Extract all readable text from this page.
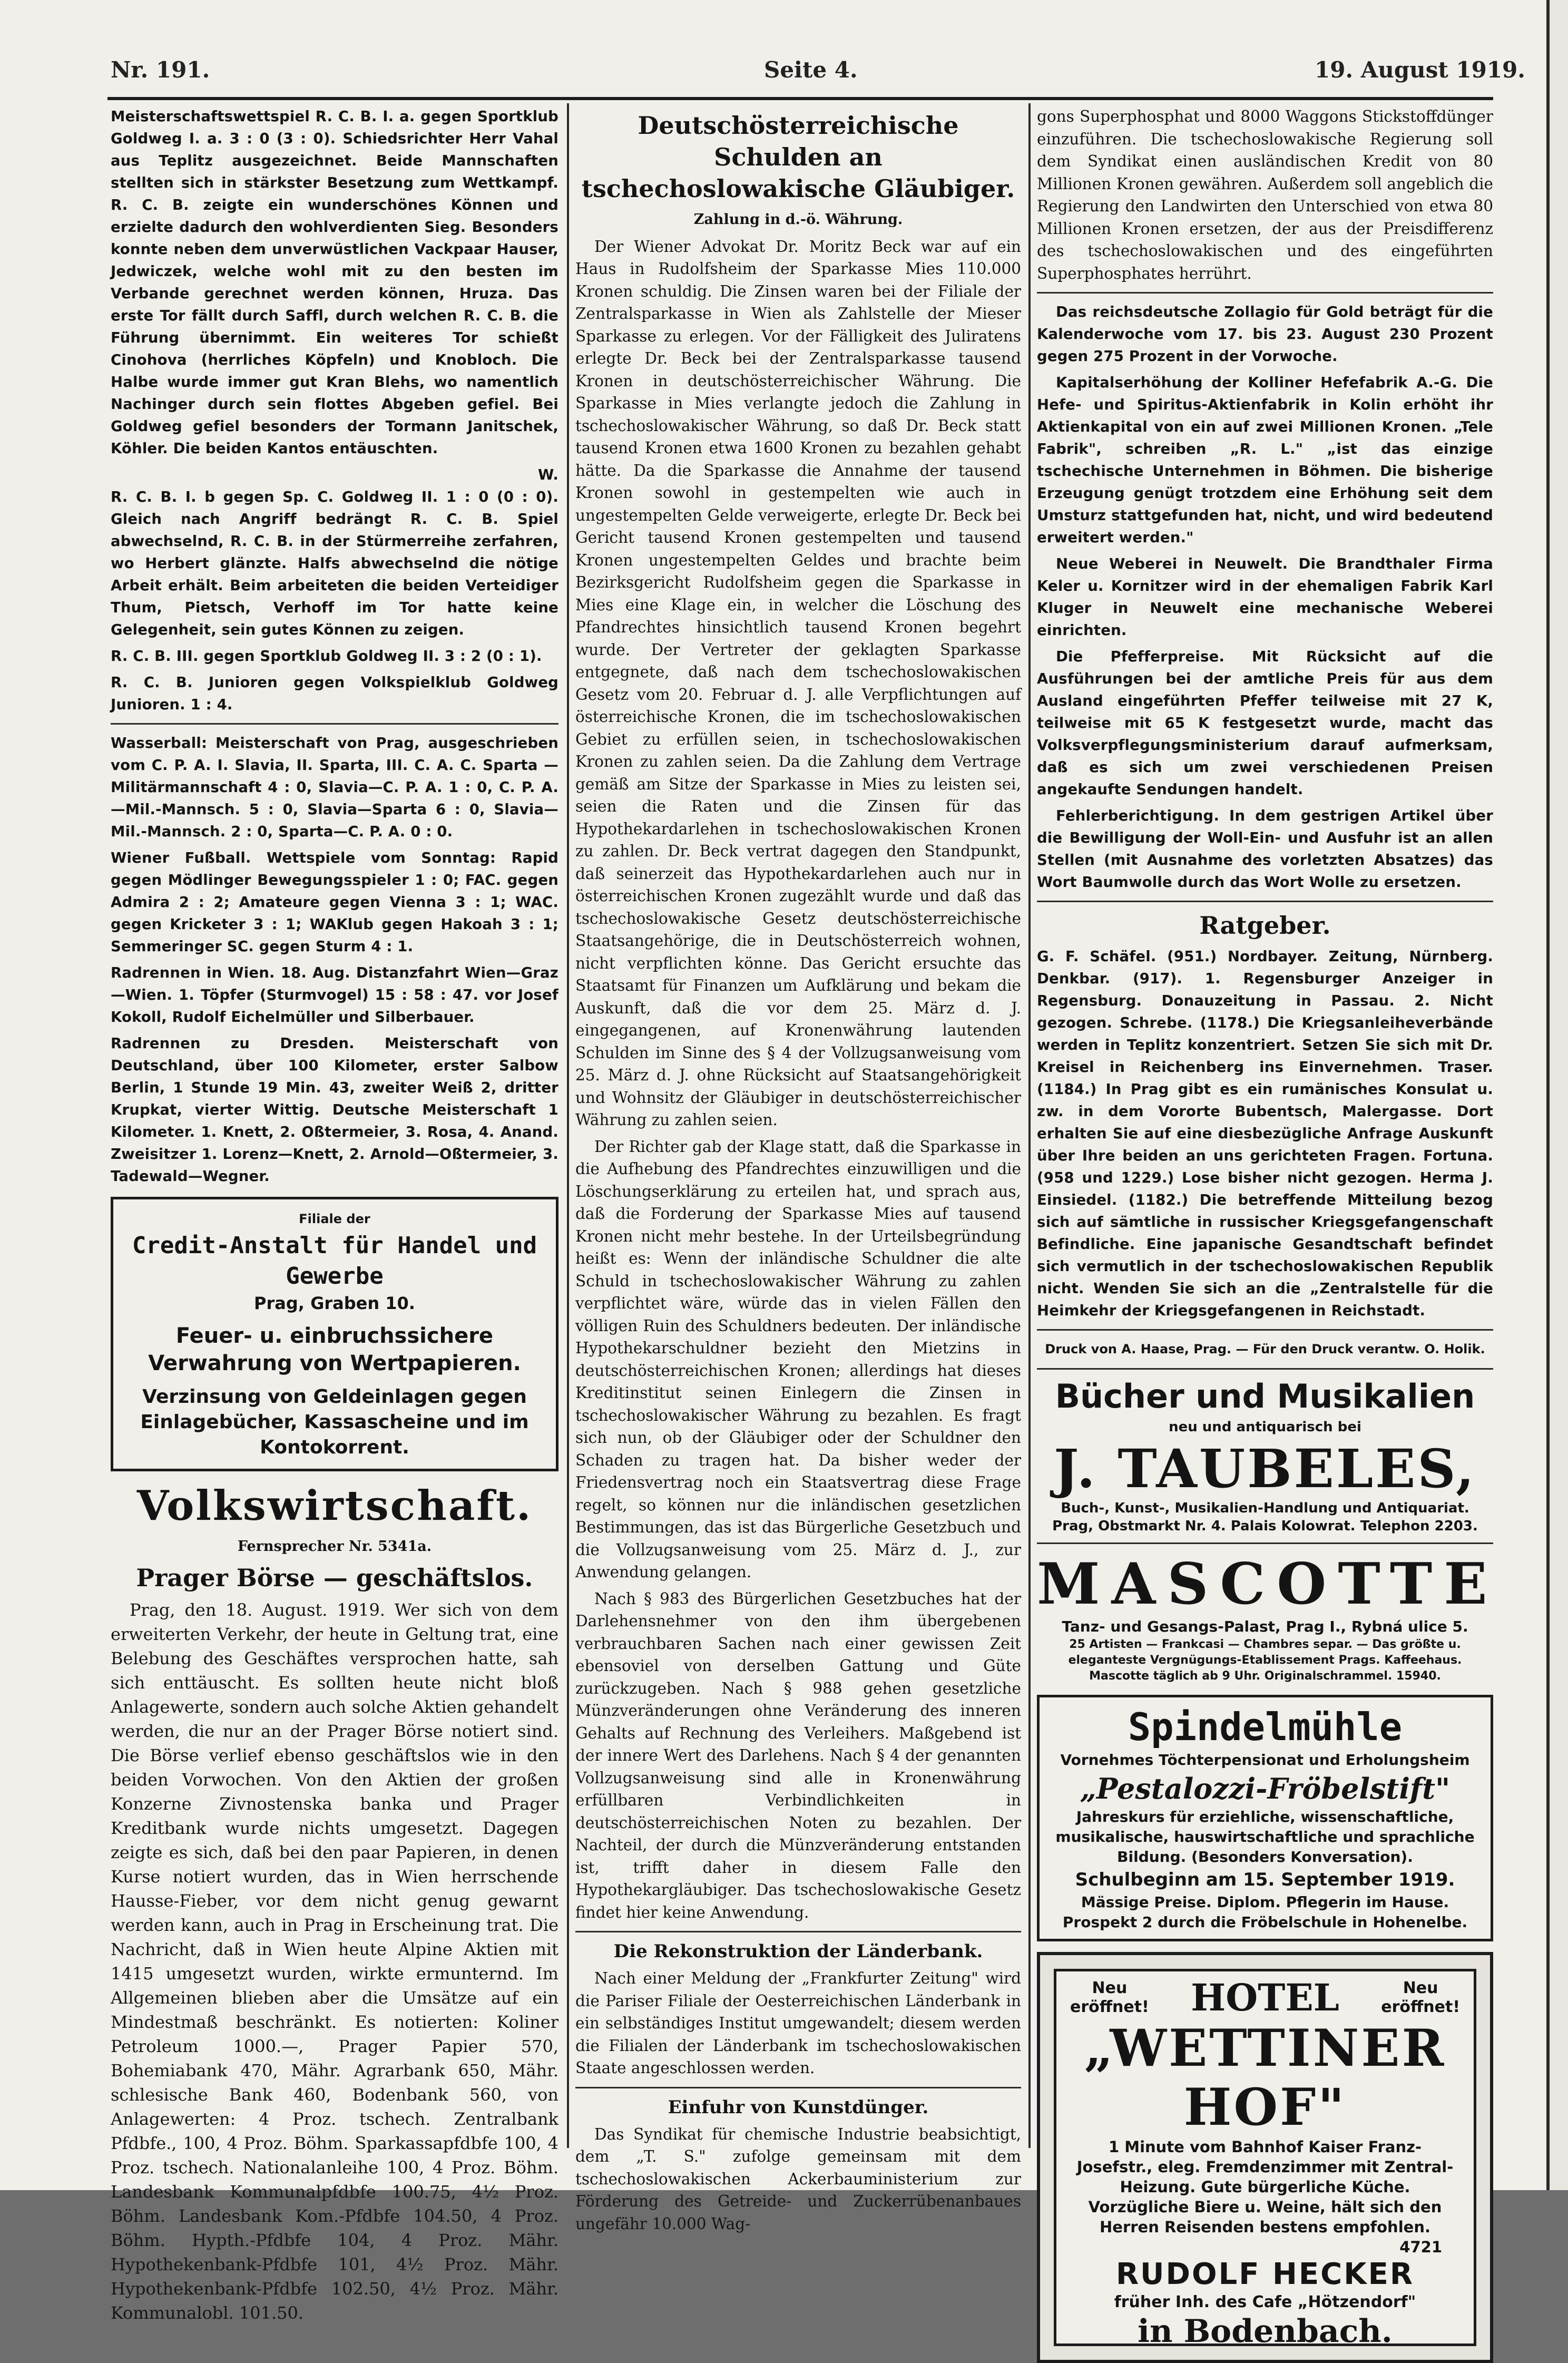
Nr. 191.	Seite 4.	19. August 1919.

Meisterschaftswettspiel R. C. B. I. a. gegen Sportklub Goldweg I. a. 3 : 0 (3 : 0). Schiedsrichter Herr Vahal aus Teplitz ausgezeichnet. Beide Mannschaften stellten sich in stärkster Besetzung zum Wettkampf. R. C. B. zeigte ein wunderschönes Können und erzielte dadurch den wohlverdienten Sieg. Besonders konnte neben dem unverwüstlichen Vackpaar Hauser, Jedwiczek, welche wohl mit zu den besten im Verbande gerechnet werden können, Hruza. Das erste Tor fällt durch Saffl, durch welchen R. C. B. die Führung übernimmt. Ein weiteres Tor schießt Cinohova (herrliches Köpfeln) und Knobloch. Die Halbe wurde immer gut Kran Blehs, wo namentlich Nachinger durch sein flottes Abgeben gefiel. Bei Goldweg gefiel besonders der Tormann Janitschek, Köhler. Die beiden Kantos entäuschten.

W.

R. C. B. I. b gegen Sp. C. Goldweg II. 1 : 0 (0 : 0). Gleich nach Angriff bedrängt R. C. B. Spiel abwechselnd, R. C. B. in der Stürmerreihe zerfahren, wo Herbert glänzte. Halfs abwechselnd die nötige Arbeit erhält. Beim arbeiteten die beiden Verteidiger Thum, Pietsch, Verhoff im Tor hatte keine Gelegenheit, sein gutes Können zu zeigen.

R. C. B. III. gegen Sportklub Goldweg II. 3 : 2 (0 : 1).

R. C. B. Junioren gegen Volkspielklub Goldweg Junioren. 1 : 4.

Wasserball: Meisterschaft von Prag, ausgeschrieben vom C. P. A. I. Slavia, II. Sparta, III. C. A. C. Sparta —Militärmannschaft 4 : 0, Slavia—C. P. A. 1 : 0, C. P. A.—Mil.-Mannsch. 5 : 0, Slavia—Sparta 6 : 0, Slavia—Mil.-Mannsch. 2 : 0, Sparta—C. P. A. 0 : 0.

Wiener Fußball. Wettspiele vom Sonntag: Rapid gegen Mödlinger Bewegungsspieler 1 : 0; FAC. gegen Admira 2 : 2; Amateure gegen Vienna 3 : 1; WAC. gegen Kricketer 3 : 1; WAKlub gegen Hakoah 3 : 1; Semmeringer SC. gegen Sturm 4 : 1.

Radrennen in Wien. 18. Aug. Distanzfahrt Wien—Graz—Wien. 1. Töpfer (Sturmvogel) 15 : 58 : 47. vor Josef Kokoll, Rudolf Eichelmüller und Silberbauer.

Radrennen zu Dresden. Meisterschaft von Deutschland, über 100 Kilometer, erster Salbow Berlin, 1 Stunde 19 Min. 43, zweiter Weiß 2, dritter Krupkat, vierter Wittig. Deutsche Meisterschaft 1 Kilometer. 1. Knett, 2. Oßtermeier, 3. Rosa, 4. Anand. Zweisitzer 1. Lorenz—Knett, 2. Arnold—Oßtermeier, 3. Tadewald—Wegner.

Filiale der
Credit-Anstalt für Handel und Gewerbe
Prag, Graben 10.
Feuer- u. einbruchssichere Verwahrung von Wertpapieren.
Verzinsung von Geldeinlagen gegen Einlagebücher, Kassascheine und im Kontokorrent.
Volkswirtschaft.
Fernsprecher Nr. 5341a.
Prager Börse — geschäftslos.

Prag, den 18. August. 1919. Wer sich von dem erweiterten Verkehr, der heute in Geltung trat, eine Belebung des Geschäftes versprochen hatte, sah sich enttäuscht. Es sollten heute nicht bloß Anlagewerte, sondern auch solche Aktien gehandelt werden, die nur an der Prager Börse notiert sind. Die Börse verlief ebenso geschäftslos wie in den beiden Vorwochen. Von den Aktien der großen Konzerne Zivnostenska banka und Prager Kreditbank wurde nichts umgesetzt. Dagegen zeigte es sich, daß bei den paar Papieren, in denen Kurse notiert wurden, das in Wien herrschende Hausse-Fieber, vor dem nicht genug gewarnt werden kann, auch in Prag in Erscheinung trat. Die Nachricht, daß in Wien heute Alpine Aktien mit 1415 umgesetzt wurden, wirkte ermunternd. Im Allgemeinen blieben aber die Umsätze auf ein Mindestmaß beschränkt. Es notierten: Koliner Petroleum 1000.—, Prager Papier 570, Bohemiabank 470, Mähr. Agrarbank 650, Mähr. schlesische Bank 460, Bodenbank 560, von Anlagewerten: 4 Proz. tschech. Zentralbank Pfdbfe., 100, 4 Proz. Böhm. Sparkassapfdbfe 100, 4 Proz. tschech. Nationalanleihe 100, 4 Proz. Böhm. Landesbank Kommunalpfdbfe 100.75, 4½ Proz. Böhm. Landesbank Kom.-Pfdbfe 104.50, 4 Proz. Böhm. Hypth.-Pfdbfe 104, 4 Proz. Mähr. Hypothekenbank-Pfdbfe 101, 4½ Proz. Mähr. Hypothekenbank-Pfdbfe 102.50, 4½ Proz. Mähr. Kommunalobl. 101.50.

Deutschösterreichische Schulden an tschechoslowakische Gläubiger.
Zahlung in d.-ö. Währung.

Der Wiener Advokat Dr. Moritz Beck war auf ein Haus in Rudolfsheim der Sparkasse Mies 110.000 Kronen schuldig. Die Zinsen waren bei der Filiale der Zentralsparkasse in Wien als Zahlstelle der Mieser Sparkasse zu erlegen. Vor der Fälligkeit des Juliratens erlegte Dr. Beck bei der Zentralsparkasse tausend Kronen in deutschösterreichischer Währung. Die Sparkasse in Mies verlangte jedoch die Zahlung in tschechoslowakischer Währung, so daß Dr. Beck statt tausend Kronen etwa 1600 Kronen zu bezahlen gehabt hätte. Da die Sparkasse die Annahme der tausend Kronen sowohl in gestempelten wie auch in ungestempelten Gelde verweigerte, erlegte Dr. Beck bei Gericht tausend Kronen gestempelten und tausend Kronen ungestempelten Geldes und brachte beim Bezirksgericht Rudolfsheim gegen die Sparkasse in Mies eine Klage ein, in welcher die Löschung des Pfandrechtes hinsichtlich tausend Kronen begehrt wurde. Der Vertreter der geklagten Sparkasse entgegnete, daß nach dem tschechoslowakischen Gesetz vom 20. Februar d. J. alle Verpflichtungen auf österreichische Kronen, die im tschechoslowakischen Gebiet zu erfüllen seien, in tschechoslowakischen Kronen zu zahlen seien. Da die Zahlung dem Vertrage gemäß am Sitze der Sparkasse in Mies zu leisten sei, seien die Raten und die Zinsen für das Hypothekardarlehen in tschechoslowakischen Kronen zu zahlen. Dr. Beck vertrat dagegen den Standpunkt, daß seinerzeit das Hypothekardarlehen auch nur in österreichischen Kronen zugezählt wurde und daß das tschechoslowakische Gesetz deutschösterreichische Staatsangehörige, die in Deutschösterreich wohnen, nicht verpflichten könne. Das Gericht ersuchte das Staatsamt für Finanzen um Aufklärung und bekam die Auskunft, daß die vor dem 25. März d. J. eingegangenen, auf Kronenwährung lautenden Schulden im Sinne des § 4 der Vollzugsanweisung vom 25. März d. J. ohne Rücksicht auf Staatsangehörigkeit und Wohnsitz der Gläubiger in deutschösterreichischer Währung zu zahlen seien.

Der Richter gab der Klage statt, daß die Sparkasse in die Aufhebung des Pfandrechtes einzuwilligen und die Löschungserklärung zu erteilen hat, und sprach aus, daß die Forderung der Sparkasse Mies auf tausend Kronen nicht mehr bestehe. In der Urteilsbegründung heißt es: Wenn der inländische Schuldner die alte Schuld in tschechoslowakischer Währung zu zahlen verpflichtet wäre, würde das in vielen Fällen den völligen Ruin des Schuldners bedeuten. Der inländische Hypothekarschuldner bezieht den Mietzins in deutschösterreichischen Kronen; allerdings hat dieses Kreditinstitut seinen Einlegern die Zinsen in tschechoslowakischer Währung zu bezahlen. Es fragt sich nun, ob der Gläubiger oder der Schuldner den Schaden zu tragen hat. Da bisher weder der Friedensvertrag noch ein Staatsvertrag diese Frage regelt, so können nur die inländischen gesetzlichen Bestimmungen, das ist das Bürgerliche Gesetzbuch und die Vollzugsanweisung vom 25. März d. J., zur Anwendung gelangen.

Nach § 983 des Bürgerlichen Gesetzbuches hat der Darlehensnehmer von den ihm übergebenen verbrauchbaren Sachen nach einer gewissen Zeit ebensoviel von derselben Gattung und Güte zurückzugeben. Nach § 988 gehen gesetzliche Münzveränderungen ohne Veränderung des inneren Gehalts auf Rechnung des Verleihers. Maßgebend ist der innere Wert des Darlehens. Nach § 4 der genannten Vollzugsanweisung sind alle in Kronenwährung erfüllbaren Verbindlichkeiten in deutschösterreichischen Noten zu bezahlen. Der Nachteil, der durch die Münzveränderung entstanden ist, trifft daher in diesem Falle den Hypothekargläubiger. Das tschechoslowakische Gesetz findet hier keine Anwendung.

Die Rekonstruktion der Länderbank.

Nach einer Meldung der „Frankfurter Zeitung" wird die Pariser Filiale der Oesterreichischen Länderbank in ein selbständiges Institut umgewandelt; diesem werden die Filialen der Länderbank im tschechoslowakischen Staate angeschlossen werden.

Einfuhr von Kunstdünger.

Das Syndikat für chemische Industrie beabsichtigt, dem „T. S." zufolge gemeinsam mit dem tschechoslowakischen Ackerbauministerium zur Förderung des Getreide- und Zuckerrübenanbaues ungefähr 10.000 Wag-

gons Superphosphat und 8000 Waggons Stickstoffdünger einzuführen. Die tschechoslowakische Regierung soll dem Syndikat einen ausländischen Kredit von 80 Millionen Kronen gewähren. Außerdem soll angeblich die Regierung den Landwirten den Unterschied von etwa 80 Millionen Kronen ersetzen, der aus der Preisdifferenz des tschechoslowakischen und des eingeführten Superphosphates herrührt.

Das reichsdeutsche Zollagio für Gold beträgt für die Kalenderwoche vom 17. bis 23. August 230 Prozent gegen 275 Prozent in der Vorwoche.

Kapitalserhöhung der Kolliner Hefefabrik A.-G. Die Hefe- und Spiritus-Aktienfabrik in Kolin erhöht ihr Aktienkapital von ein auf zwei Millionen Kronen. „Tele Fabrik", schreiben „R. L." „ist das einzige tschechische Unternehmen in Böhmen. Die bisherige Erzeugung genügt trotzdem eine Erhöhung seit dem Umsturz stattgefunden hat, nicht, und wird bedeutend erweitert werden."

Neue Weberei in Neuwelt. Die Brandthaler Firma Keler u. Kornitzer wird in der ehemaligen Fabrik Karl Kluger in Neuwelt eine mechanische Weberei einrichten.

Die Pfefferpreise. Mit Rücksicht auf die Ausführungen bei der amtliche Preis für aus dem Ausland eingeführten Pfeffer teilweise mit 27 K, teilweise mit 65 K festgesetzt wurde, macht das Volksverpflegungsministerium darauf aufmerksam, daß es sich um zwei verschiedenen Preisen angekaufte Sendungen handelt.

Fehlerberichtigung. In dem gestrigen Artikel über die Bewilligung der Woll-Ein- und Ausfuhr ist an allen Stellen (mit Ausnahme des vorletzten Absatzes) das Wort Baumwolle durch das Wort Wolle zu ersetzen.

Ratgeber.

G. F. Schäfel. (951.) Nordbayer. Zeitung, Nürnberg. Denkbar. (917). 1. Regensburger Anzeiger in Regensburg. Donauzeitung in Passau. 2. Nicht gezogen. Schrebe. (1178.) Die Kriegsanleiheverbände werden in Teplitz konzentriert. Setzen Sie sich mit Dr. Kreisel in Reichenberg ins Einvernehmen. Traser. (1184.) In Prag gibt es ein rumänisches Konsulat u. zw. in dem Vororte Bubentsch, Malergasse. Dort erhalten Sie auf eine diesbezügliche Anfrage Auskunft über Ihre beiden an uns gerichteten Fragen. Fortuna. (958 und 1229.) Lose bisher nicht gezogen. Herma J. Einsiedel. (1182.) Die betreffende Mitteilung bezog sich auf sämtliche in russischer Kriegsgefangenschaft Befindliche. Eine japanische Gesandtschaft befindet sich vermutlich in der tschechoslowakischen Republik nicht. Wenden Sie sich an die „Zentralstelle für die Heimkehr der Kriegsgefangenen in Reichstadt.

Druck von A. Haase, Prag. — Für den Druck verantw. O. Holik.
Bücher und Musikalien
neu und antiquarisch bei
J. TAUBELES,
Buch-, Kunst-, Musikalien-Handlung und Antiquariat.
Prag, Obstmarkt Nr. 4. Palais Kolowrat. Telephon 2203.
MASCOTTE
Tanz- und Gesangs-Palast, Prag I., Rybná ulice 5.
25 Artisten — Frankcasi — Chambres separ. — Das größte u. eleganteste Vergnügungs-Etablissement Prags. Kaffeehaus. Mascotte täglich ab 9 Uhr. Originalschrammel. 15940.
Spindelmühle
Vornehmes Töchterpensionat und Erholungsheim
„Pestalozzi-Fröbelstift"
Jahreskurs für erziehliche, wissenschaftliche, musikalische, hauswirtschaftliche und sprachliche Bildung. (Besonders Konversation).
Schulbeginn am 15. September 1919.
Mässige Preise. Diplom. Pflegerin im Hause.
Prospekt 2 durch die Fröbelschule in Hohenelbe.
Neu
eröffnet! HOTEL	Neu
eröffnet!
„WETTINER HOF"
1 Minute vom Bahnhof Kaiser Franz-Josefstr., eleg. Fremdenzimmer mit Zentral-Heizung. Gute bürgerliche Küche. Vorzügliche Biere u. Weine, hält sich den Herren Reisenden bestens empfohlen.
4721
RUDOLF HECKER
früher Inh. des Cafe „Hötzendorf"
in Bodenbach.
